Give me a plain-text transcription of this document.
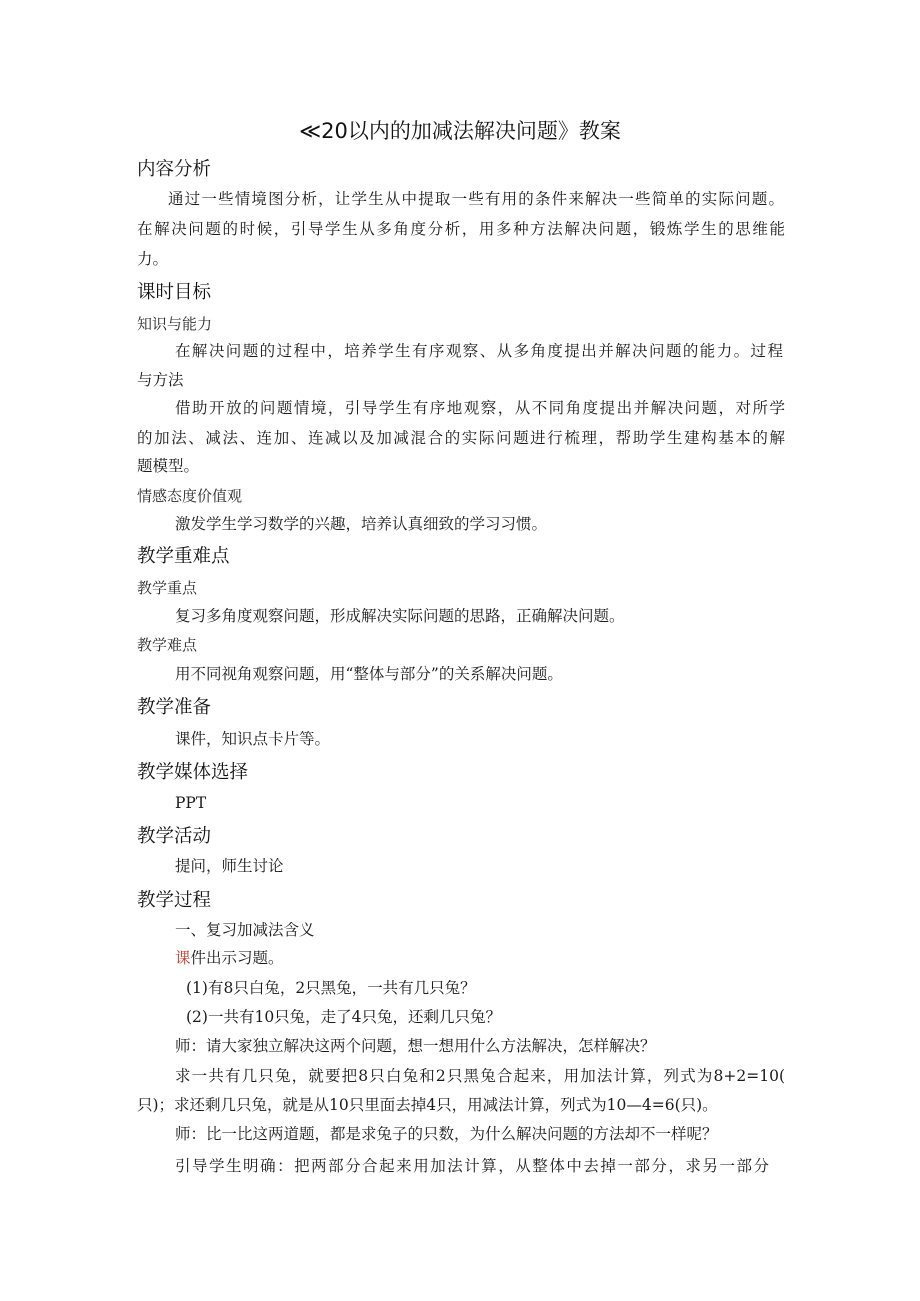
≪20以内的加减法解决问题》教案
内容分析
通过一些情境图分析，让学生从中提取一些有用的条件来解决一些简单的实际问题。
在解决问题的时候，引导学生从多角度分析，用多种方法解决问题，锻炼学生的思维能
力。
课时目标
知识与能力
在解决问题的过程中，培养学生有序观察、从多角度提出并解决问题的能力。过程
与方法
借助开放的问题情境，引导学生有序地观察，从不同角度提出并解决问题，对所学
的加法、减法、连加、连减以及加减混合的实际问题进行梳理，帮助学生建构基本的解
题模型。
情感态度价值观
激发学生学习数学的兴趣，培养认真细致的学习习惯。
教学重难点
教学重点
复习多角度观察问题，形成解决实际问题的思路，正确解决问题。
教学难点
用不同视角观察问题，用“整体与部分”的关系解决问题。
教学准备
课件，知识点卡片等。
教学媒体选择
PPT
教学活动
提问，师生讨论
教学过程
一、复习加减法含义
课件出示习题。
(1)有8只白兔，2只黑兔，一共有几只兔？
(2)一共有10只兔，走了4只兔，还剩几只兔？
师：请大家独立解决这两个问题，想一想用什么方法解决，怎样解决？
求一共有几只兔，就要把8只白兔和2只黑兔合起来，用加法计算，列式为8+2=10(
只)；求还剩几只兔，就是从10只里面去掉4只，用减法计算，列式为10—4=6(只)。
师：比一比这两道题，都是求兔子的只数，为什么解决问题的方法却不一样呢？
引导学生明确：把两部分合起来用加法计算，从整体中去掉一部分，求另一部分
